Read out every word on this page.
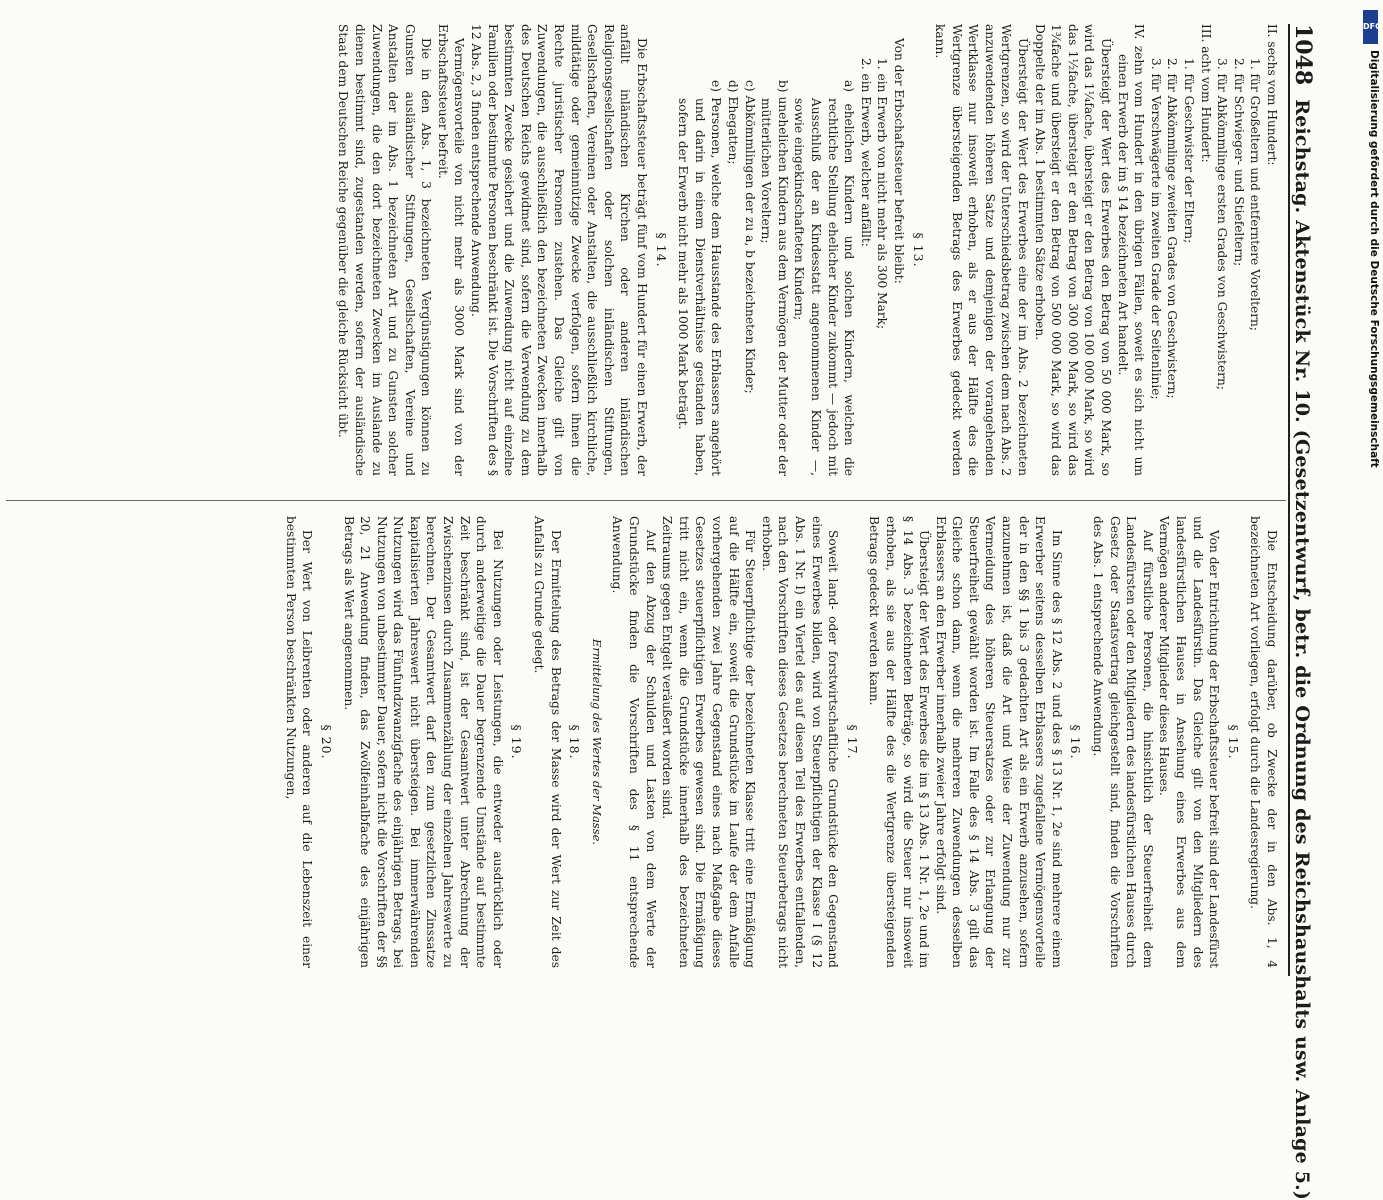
1048
Reichstag. Aktenstück Nr. 10. (Gesetzentwurf, betr. die Ordnung des Reichshaushalts usw. Anlage 5.)

II. sechs vom Hundert:

1. für Großeltern und entferntere Voreltern;

2. für Schwieger- und Stiefeltern;

3. für Abkömmlinge ersten Grades von Geschwistern;

III. acht vom Hundert:

1. für Geschwister der Eltern;

2. für Abkömmlinge zweiten Grades von Geschwistern;

3. für Verschwägerte im zweiten Grade der Seitenlinie;

IV. zehn vom Hundert in den übrigen Fällen, soweit es sich nicht um einen Erwerb der im § 14 bezeichneten Art handelt.

Übersteigt der Wert des Erwerbes den Betrag von 50 000 Mark, so wird das 1¼fache, übersteigt er den Betrag von 100 000 Mark, so wird das 1½fache, übersteigt er den Betrag von 300 000 Mark, so wird das 1¾fache und übersteigt er den Betrag von 500 000 Mark, so wird das Doppelte der im Abs. 1 bestimmten Sätze erhoben.

Übersteigt der Wert des Erwerbes eine der im Abs. 2 bezeichneten Wertgrenzen, so wird der Unterschiedsbetrag zwischen dem nach Abs. 2 anzuwendenden höheren Satze und demjenigen der vorangehenden Wertklasse nur insoweit erhoben, als er aus der Hälfte des die Wertgrenze übersteigenden Betrags des Erwerbes gedeckt werden kann.

§ 13.

Von der Erbschaftssteuer befreit bleibt:

1. ein Erwerb von nicht mehr als 300 Mark;

2. ein Erwerb, welcher anfällt:

a) ehelichen Kindern und solchen Kindern, welchen die rechtliche Stellung ehelicher Kinder zukommt — jedoch mit Ausschluß der an Kindesstatt angenommenen Kinder —, sowie eingekindschafteten Kindern;

b) unehelichen Kindern aus dem Vermögen der Mutter oder der mütterlichen Voreltern;

c) Abkömmlingen der zu a, b bezeichneten Kinder;

d) Ehegatten;

e) Personen, welche dem Hausstande des Erblassers angehört und darin in einem Dienstverhältnisse gestanden haben, sofern der Erwerb nicht mehr als 1000 Mark beträgt.

§ 14.

Die Erbschaftssteuer beträgt fünf vom Hundert für einen Erwerb, der anfällt inländischen Kirchen oder anderen inländischen Religionsgesellschaften oder solchen inländischen Stiftungen, Gesellschaften, Vereinen oder Anstalten, die ausschließlich kirchliche, mildtätige oder gemeinnützige Zwecke verfolgen, sofern ihnen die Rechte juristischer Personen zustehen. Das Gleiche gilt von Zuwendungen, die ausschließlich den bezeichneten Zwecken innerhalb des Deutschen Reichs gewidmet sind, sofern die Verwendung zu dem bestimmten Zwecke gesichert und die Zuwendung nicht auf einzelne Familien oder bestimmte Personen beschränkt ist. Die Vorschriften des § 12 Abs. 2, 3 finden entsprechende Anwendung.

Vermögensvorteile von nicht mehr als 3000 Mark sind von der Erbschaftssteuer befreit.

Die in den Abs. 1, 3 bezeichneten Vergünstigungen können zu Gunsten ausländischer Stiftungen, Gesellschaften, Vereine und Anstalten der im Abs. 1 bezeichneten Art und zu Gunsten solcher Zuwendungen, die den dort bezeichneten Zwecken im Auslande zu dienen bestimmt sind, zugestanden werden, sofern der ausländische Staat dem Deutschen Reiche gegenüber die gleiche Rücksicht übt.

Die Entscheidung darüber, ob Zwecke der in den Abs. 1, 4 bezeichneten Art vorliegen, erfolgt durch die Landesregierung.

§ 15.

Von der Entrichtung der Erbschaftssteuer befreit sind der Landesfürst und die Landesfürstin. Das Gleiche gilt von den Mitgliedern des landesfürstlichen Hauses in Ansehung eines Erwerbes aus dem Vermögen anderer Mitglieder dieses Hauses.

Auf fürstliche Personen, die hinsichtlich der Steuerfreiheit dem Landesfürsten oder den Mitgliedern des landesfürstlichen Hauses durch Gesetz oder Staatsvertrag gleichgestellt sind, finden die Vorschriften des Abs. 1 entsprechende Anwendung.

§ 16.

Im Sinne des § 12 Abs. 2 und des § 13 Nr. 1, 2e sind mehrere einem Erwerber seitens desselben Erblassers zugefallene Vermögensvorteile der in den §§ 1 bis 3 gedachten Art als ein Erwerb anzusehen, sofern anzunehmen ist, daß die Art und Weise der Zuwendung nur zur Vermeidung des höheren Steuersatzes oder zur Erlangung der Steuerfreiheit gewählt worden ist. Im Falle des § 14 Abs. 3 gilt das Gleiche schon dann, wenn die mehreren Zuwendungen desselben Erblassers an den Erwerber innerhalb zweier Jahre erfolgt sind.

Übersteigt der Wert des Erwerbes die im § 13 Abs. 1 Nr. 1, 2e und im § 14 Abs. 3 bezeichneten Beträge, so wird die Steuer nur insoweit erhoben, als sie aus der Hälfte des die Wertgrenze übersteigenden Betrags gedeckt werden kann.

§ 17.

Soweit land- oder forstwirtschaftliche Grundstücke den Gegenstand eines Erwerbes bilden, wird von Steuerpflichtigen der Klasse I (§ 12 Abs. 1 Nr. I) ein Viertel des auf diesen Teil des Erwerbes entfallenden, nach den Vorschriften dieses Gesetzes berechneten Steuerbetrags nicht erhoben.

Für Steuerpflichtige der bezeichneten Klasse tritt eine Ermäßigung auf die Hälfte ein, soweit die Grundstücke im Laufe der dem Anfalle vorhergehenden zwei Jahre Gegenstand eines nach Maßgabe dieses Gesetzes steuerpflichtigen Erwerbes gewesen sind. Die Ermäßigung tritt nicht ein, wenn die Grundstücke innerhalb des bezeichneten Zeitraums gegen Entgelt veräußert worden sind.

Auf den Abzug der Schulden und Lasten von dem Werte der Grundstücke finden die Vorschriften des § 11 entsprechende Anwendung.

Ermittelung des Wertes der Masse.
§ 18.

Der Ermittelung des Betrags der Masse wird der Wert zur Zeit des Anfalls zu Grunde gelegt.

§ 19.

Bei Nutzungen oder Leistungen, die entweder ausdrücklich oder durch anderweitige die Dauer begrenzende Umstände auf bestimmte Zeit beschränkt sind, ist der Gesamtwert unter Abrechnung der Zwischenzinsen durch Zusammenzählung der einzelnen Jahreswerte zu berechnen. Der Gesamtwert darf den zum gesetzlichen Zinssatze kapitalisierten Jahreswert nicht übersteigen. Bei immerwährenden Nutzungen wird das Fünfundzwanzigfache des einjährigen Betrags, bei Nutzungen von unbestimmter Dauer, sofern nicht die Vorschriften der §§ 20, 21 Anwendung finden, das Zwölfeinhalbfache des einjährigen Betrags als Wert angenommen.

§ 20.

Der Wert von Leibrenten oder anderen auf die Lebenszeit einer bestimmten Person beschränkten Nutzungen,

DFG
Digitalisierung gefördert durch die Deutsche Forschungsgemeinschaft
